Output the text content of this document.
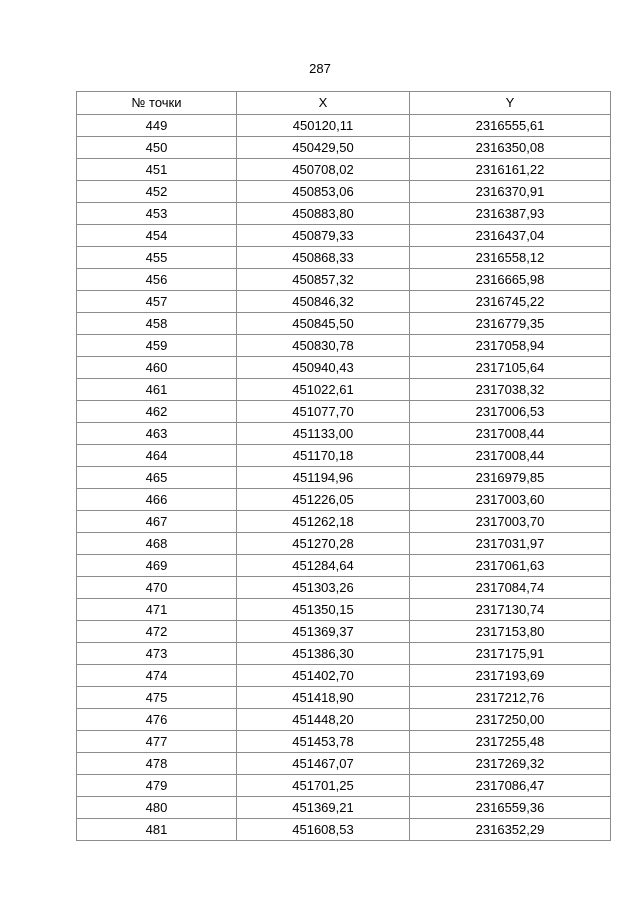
287
№ точки	X	Y
449	450120,11	2316555,61
450	450429,50	2316350,08
451	450708,02	2316161,22
452	450853,06	2316370,91
453	450883,80	2316387,93
454	450879,33	2316437,04
455	450868,33	2316558,12
456	450857,32	2316665,98
457	450846,32	2316745,22
458	450845,50	2316779,35
459	450830,78	2317058,94
460	450940,43	2317105,64
461	451022,61	2317038,32
462	451077,70	2317006,53
463	451133,00	2317008,44
464	451170,18	2317008,44
465	451194,96	2316979,85
466	451226,05	2317003,60
467	451262,18	2317003,70
468	451270,28	2317031,97
469	451284,64	2317061,63
470	451303,26	2317084,74
471	451350,15	2317130,74
472	451369,37	2317153,80
473	451386,30	2317175,91
474	451402,70	2317193,69
475	451418,90	2317212,76
476	451448,20	2317250,00
477	451453,78	2317255,48
478	451467,07	2317269,32
479	451701,25	2317086,47
480	451369,21	2316559,36
481	451608,53	2316352,29
